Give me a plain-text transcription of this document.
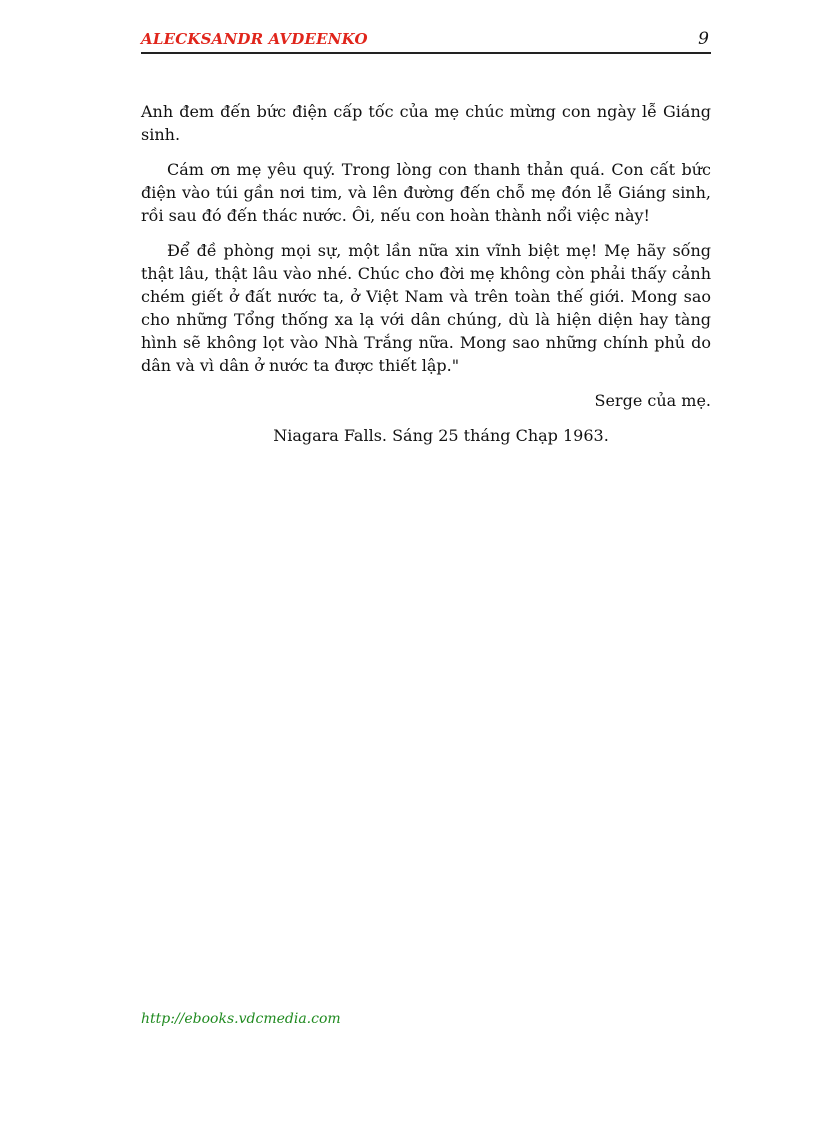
ALECKSANDR AVDEENKO	9

Anh đem đến bức điện cấp tốc của mẹ chúc mừng con ngày lễ Giáng sinh.

Cám ơn mẹ yêu quý. Trong lòng con thanh thản quá. Con cất bức điện vào túi gần nơi tim, và lên đường đến chỗ mẹ đón lễ Giáng sinh, rồi sau đó đến thác nước. Ôi, nếu con hoàn thành nổi việc này!

Để đề phòng mọi sự, một lần nữa xin vĩnh biệt mẹ! Mẹ hãy sống thật lâu, thật lâu vào nhé. Chúc cho đời mẹ không còn phải thấy cảnh chém giết ở đất nước ta, ở Việt Nam và trên toàn thế giới. Mong sao cho những Tổng thống xa lạ với dân chúng, dù là hiện diện hay tàng hình sẽ không lọt vào Nhà Trắng nữa. Mong sao những chính phủ do dân và vì dân ở nước ta được thiết lập."

Serge của mẹ.

Niagara Falls. Sáng 25 tháng Chạp 1963.

http://ebooks.vdcmedia.com
